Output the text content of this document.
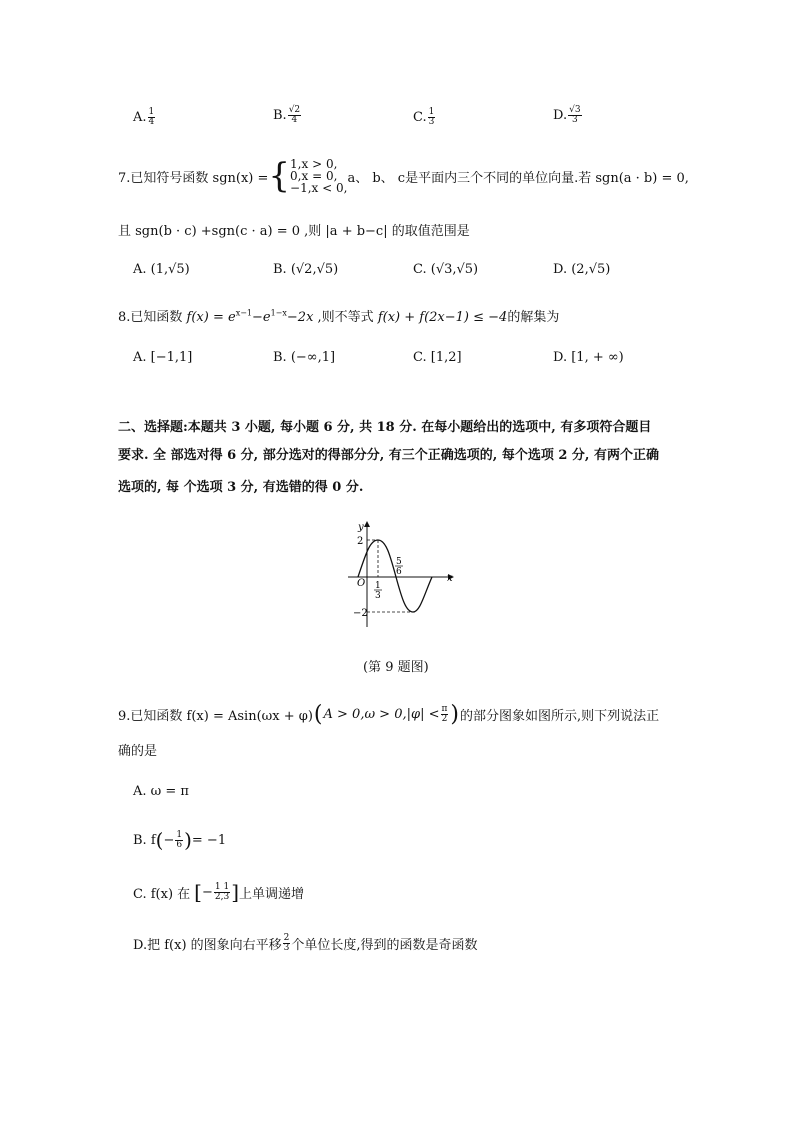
A. $\frac{1}{4}$	B. $\frac{√2}{4}$	C. $\frac{1}{3}$	D. $\frac{√3}{3}$
7.已知符号函数 sgn(x) = { 1,x > 0,
0,x = 0,
−1,x < 0,
a、 b、 c是平面内三个不同的单位向量.若 sgn(a · b) = 0,
且 sgn(b · c) +sgn(c · a) = 0 ,则 |a + b−c| 的取值范围是
A. (1,√5)	B. (√2,√5)	C. (√3,√5)	D. (2,√5)
8.已知函数 $f(x) = e^{x-1}-e^{1-x}-2x$ ,则不等式 f(x) + f(2x−1) ≤ −4的解集为
A. [−1,1]	B. (−∞,1]	C. [1,2]	D. [1, + ∞)
二、选择题:本题共 3 小题, 每小题 6 分, 共 18 分. 在每小题给出的选项中, 有多项符合题目
要求. 全 部选对得 6 分, 部分选对的得部分分, 有三个正确选项的, 每个选项 2 分, 有两个正确
选项的, 每 个选项 3 分, 有选错的得 0 分.
y
x
O
2
−2
1
3
5
6
(第 9 题图)
9.已知函数 f(x) = Asin(ωx + φ) ( $A > 0,\omega > 0,|\varphi| < \frac{\pi}{2}$ ) 的部分图象如图所示,则下列说法正
确的是
A. ω = π
B. f ( − $\frac{1}{6}$ ) = −1
C. f(x) 在 [ − $\frac{1 1}{2,3}$ ] 上单调递增
D.把 f(x) 的图象向右平移 $\frac{2}{3}$ 个单位长度,得到的函数是奇函数
